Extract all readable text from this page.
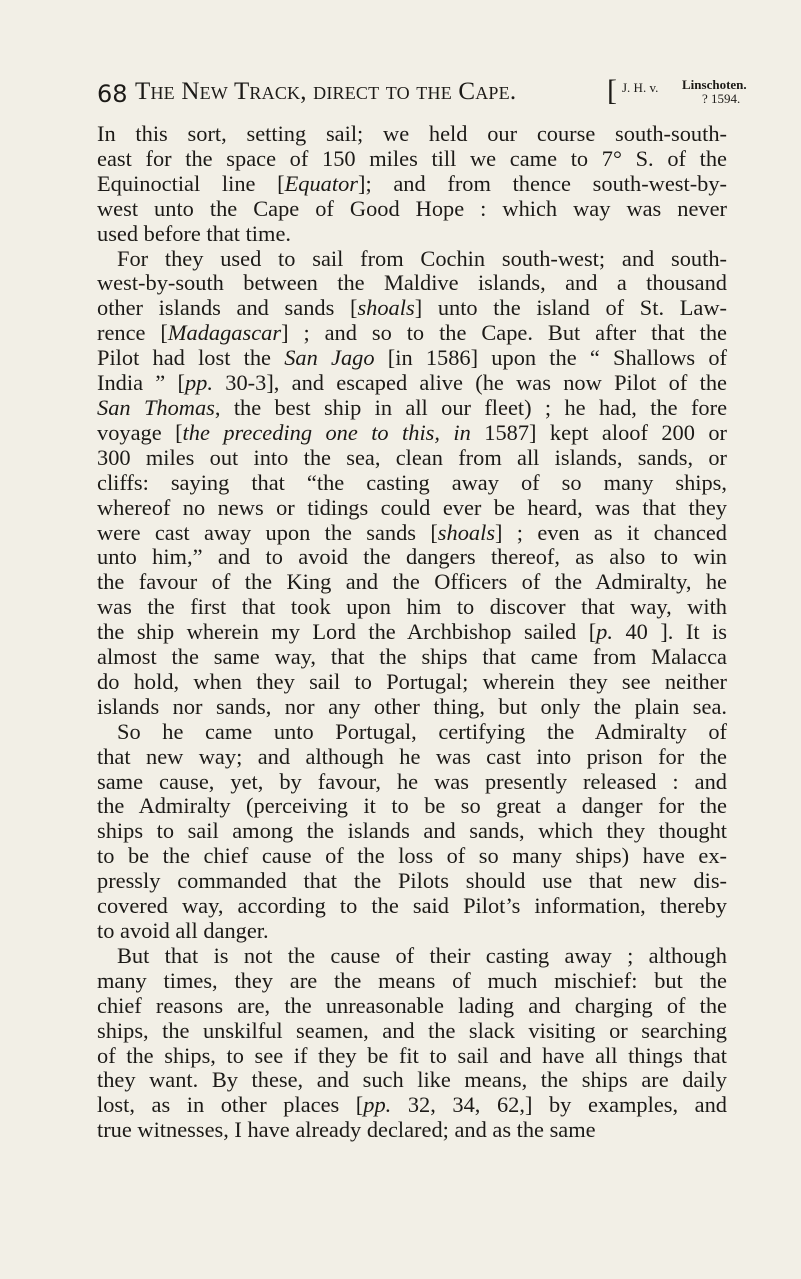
68 The New Track, direct to the Cape.	[ J. H. v. Linschoten.
? 1594.
In this sort, setting sail; we held our course south-south-
east for the space of 150 miles till we came to 7° S. of the
Equinoctial line [Equator]; and from thence south-west-by-
west unto the Cape of Good Hope : which way was never
used before that time.
For they used to sail from Cochin south-west; and south-
west-by-south between the Maldive islands, and a thousand
other islands and sands [shoals] unto the island of St. Law-
rence [Madagascar] ; and so to the Cape. But after that the
Pilot had lost the San Jago [in 1586] upon the “ Shallows of
India ” [pp. 30-3], and escaped alive (he was now Pilot of the
San Thomas, the best ship in all our fleet) ; he had, the fore
voyage [the preceding one to this, in 1587] kept aloof 200 or
300 miles out into the sea, clean from all islands, sands, or
cliffs: saying that “the casting away of so many ships,
whereof no news or tidings could ever be heard, was that they
were cast away upon the sands [shoals] ; even as it chanced
unto him,” and to avoid the dangers thereof, as also to win
the favour of the King and the Officers of the Admiralty, he
was the first that took upon him to discover that way, with
the ship wherein my Lord the Archbishop sailed [p. 40 ]. It is
almost the same way, that the ships that came from Malacca
do hold, when they sail to Portugal; wherein they see neither
islands nor sands, nor any other thing, but only the plain sea.
So he came unto Portugal, certifying the Admiralty of
that new way; and although he was cast into prison for the
same cause, yet, by favour, he was presently released : and
the Admiralty (perceiving it to be so great a danger for the
ships to sail among the islands and sands, which they thought
to be the chief cause of the loss of so many ships) have ex-
pressly commanded that the Pilots should use that new dis-
covered way, according to the said Pilot’s information, thereby
to avoid all danger.
But that is not the cause of their casting away ; although
many times, they are the means of much mischief: but the
chief reasons are, the unreasonable lading and charging of the
ships, the unskilful seamen, and the slack visiting or searching
of the ships, to see if they be fit to sail and have all things that
they want. By these, and such like means, the ships are daily
lost, as in other places [pp. 32, 34, 62,] by examples, and
true witnesses, I have already declared; and as the same
